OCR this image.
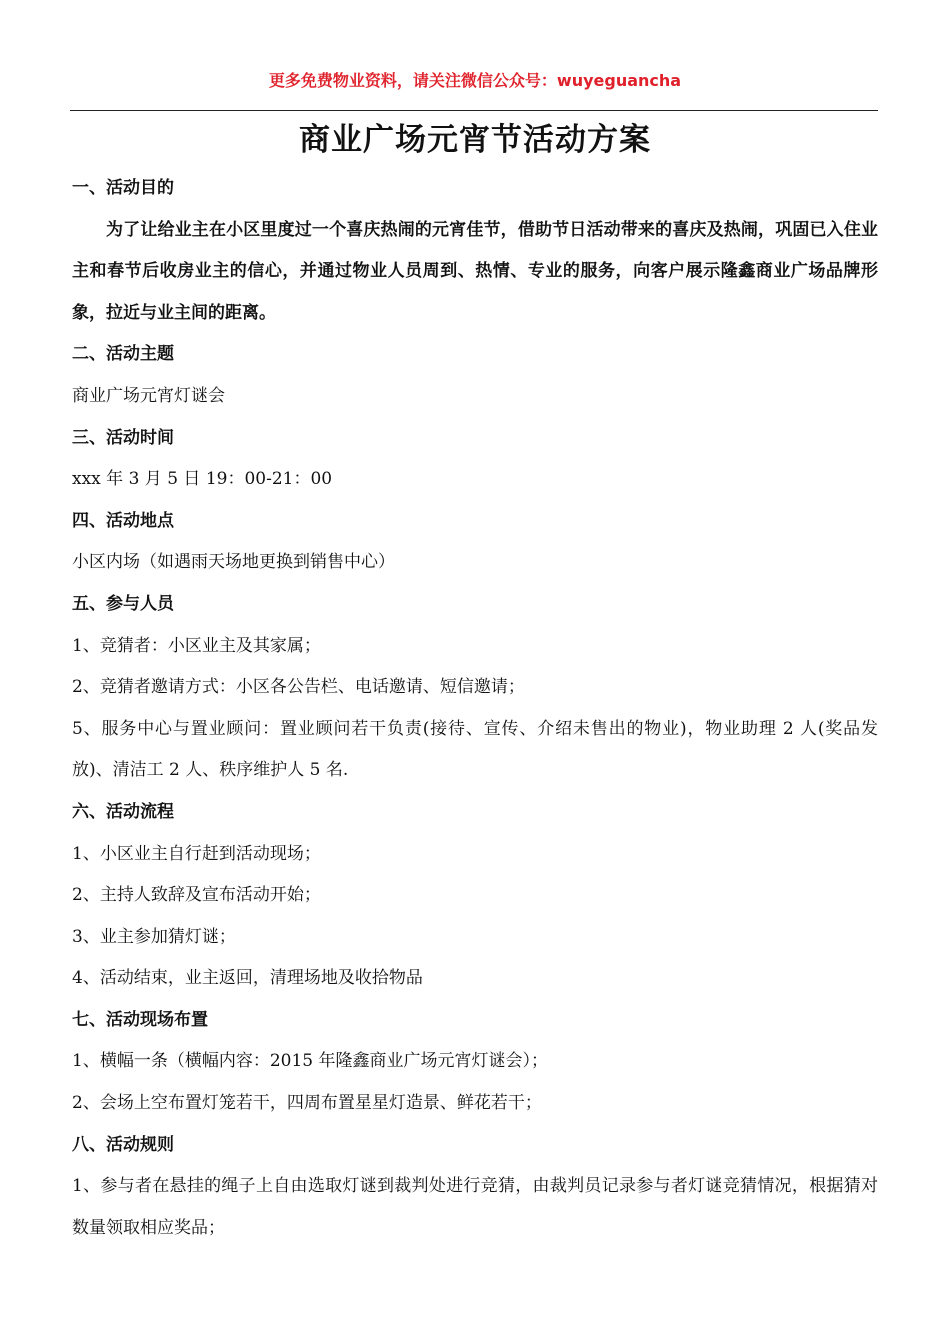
更多免费物业资料，请关注微信公众号：wuyeguancha
商业广场元宵节活动方案

一、活动目的

为了让给业主在小区里度过一个喜庆热闹的元宵佳节，借助节日活动带来的喜庆及热闹，巩固已入住业主和春节后收房业主的信心，并通过物业人员周到、热情、专业的服务，向客户展示隆鑫商业广场品牌形象，拉近与业主间的距离。

二、活动主题

商业广场元宵灯谜会

三、活动时间

xxx 年 3 月 5 日 19：00-21：00

四、活动地点

小区内场（如遇雨天场地更换到销售中心）

五、参与人员

1、竞猜者：小区业主及其家属；

2、竞猜者邀请方式：小区各公告栏、电话邀请、短信邀请；

5、服务中心与置业顾问：置业顾问若干负责(接待、宣传、介绍未售出的物业)，物业助理 2 人(奖品发放)、清洁工 2 人、秩序维护人 5 名.

六、活动流程

1、小区业主自行赶到活动现场；

2、主持人致辞及宣布活动开始；

3、业主参加猜灯谜；

4、活动结束，业主返回，清理场地及收拾物品

七、活动现场布置

1、横幅一条（横幅内容：2015 年隆鑫商业广场元宵灯谜会）；

2、会场上空布置灯笼若干，四周布置星星灯造景、鲜花若干；

八、活动规则

1、参与者在悬挂的绳子上自由选取灯谜到裁判处进行竞猜，由裁判员记录参与者灯谜竞猜情况，根据猜对数量领取相应奖品；
